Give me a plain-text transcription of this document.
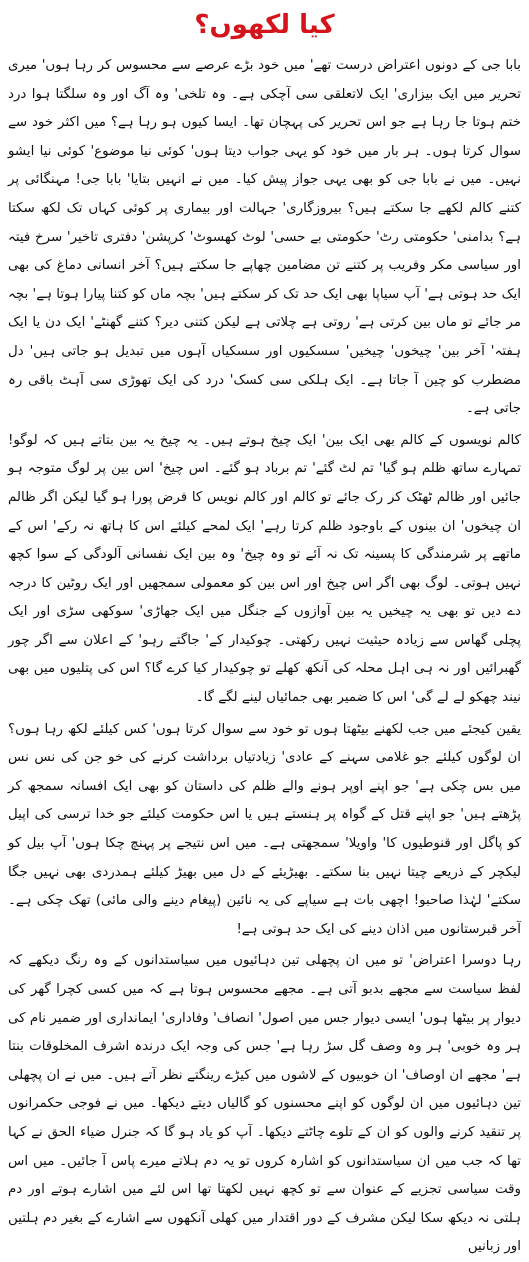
کیا لکھوں؟

بابا جی کے دونوں اعتراض درست تھے' میں خود بڑے عرصے سے محسوس کر رہا ہوں' میری تحریر میں ایک بیزاری' ایک لاتعلقی سی آچکی ہے۔ وہ تلخی' وہ آگ اور وہ سلگتا ہوا درد ختم ہوتا جا رہا ہے جو اس تحریر کی پہچان تھا۔ ایسا کیوں ہو رہا ہے؟ میں اکثر خود سے سوال کرتا ہوں۔ ہر بار میں خود کو یہی جواب دیتا ہوں' کوئی نیا موضوع' کوئی نیا ایشو نہیں۔ میں نے بابا جی کو بھی یہی جواز پیش کیا۔ میں نے انہیں بتایا' بابا جی! مہنگائی پر کتنے کالم لکھے جا سکتے ہیں؟ بیروزگاری' جہالت اور بیماری پر کوئی کہاں تک لکھ سکتا ہے؟ بدامنی' حکومتی رٹ' حکومتی بے حسی' لوٹ کھسوٹ' کرپشن' دفتری تاخیر' سرخ فیتہ اور سیاسی مکر وفریب پر کتنے تن مضامین چھاپے جا سکتے ہیں؟ آخر انسانی دماغ کی بھی ایک حد ہوتی ہے' آپ سیاپا بھی ایک حد تک کر سکتے ہیں' بچہ ماں کو کتنا پیارا ہوتا ہے' بچہ مر جائے تو ماں بین کرتی ہے' روتی ہے چلاتی ہے لیکن کتنی دیر؟ کتنے گھنٹے' ایک دن یا ایک ہفتہ' آخر بین' چیخوں' چیخیں' سسکیوں اور سسکیاں آہوں میں تبدیل ہو جاتی ہیں' دل مضطرب کو چین آ جاتا ہے۔ ایک ہلکی سی کسک' درد کی ایک تھوڑی سی آہٹ باقی رہ جاتی ہے۔

کالم نویسوں کے کالم بھی ایک بین' ایک چیخ ہوتے ہیں۔ یہ چیخ یہ بین بتاتے ہیں کہ لوگو! تمہارے ساتھ ظلم ہو گیا' تم لٹ گئے' تم برباد ہو گئے۔ اس چیخ' اس بین پر لوگ متوجہ ہو جائیں اور ظالم ٹھٹک کر رک جائے تو کالم اور کالم نویس کا فرض پورا ہو گیا لیکن اگر ظالم ان چیخوں' ان بینوں کے باوجود ظلم کرتا رہے' ایک لمحے کیلئے اس کا ہاتھ نہ رکے' اس کے ماتھے پر شرمندگی کا پسینہ تک نہ آئے تو وہ چیخ' وہ بین ایک نفسانی آلودگی کے سوا کچھ نہیں ہوتی۔ لوگ بھی اگر اس چیخ اور اس بین کو معمولی سمجھیں اور ایک روٹین کا درجہ دے دیں تو بھی یہ چیخیں یہ بین آوازوں کے جنگل میں ایک جھاڑی' سوکھی سڑی اور ایک پچلی گھاس سے زیادہ حیثیت نہیں رکھتی۔ چوکیدار کے' جاگتے رہو' کے اعلان سے اگر چور گھبرائیں اور نہ ہی اہل محلہ کی آنکھ کھلے تو چوکیدار کیا کرے گا؟ اس کی پتلیوں میں بھی نیند چھکو لے لے گی' اس کا ضمیر بھی جمائیاں لینے لگے گا۔

یقین کیجئے میں جب لکھنے بیٹھتا ہوں تو خود سے سوال کرتا ہوں' کس کیلئے لکھ رہا ہوں؟ ان لوگوں کیلئے جو غلامی سہنے کے عادی' زیادتیاں برداشت کرنے کی خو جن کی نس نس میں بس چکی ہے' جو اپنے اوپر ہونے والے ظلم کی داستان کو بھی ایک افسانہ سمجھ کر پڑھتے ہیں' جو اپنے قتل کے گواہ پر ہنستے ہیں یا اس حکومت کیلئے جو خدا ترسی کی اپیل کو پاگل اور قنوطیوں کا' واویلا' سمجھتی ہے۔ میں اس نتیجے پر پہنچ چکا ہوں' آپ بیل کو لیکچر کے ذریعے چیتا نہیں بنا سکتے۔ بھیڑیئے کے دل میں بھیڑ کیلئے ہمدردی بھی نہیں جگا سکتے' لہٰذا صاحبو! اچھی بات ہے سیاپے کی یہ نائین (پیغام دینے والی مائی) تھک چکی ہے۔ آخر قبرستانوں میں اذان دینے کی ایک حد ہوتی ہے!

رہا دوسرا اعتراض' تو میں ان پچھلی تین دہائیوں میں سیاستدانوں کے وہ رنگ دیکھے کہ لفظ سیاست سے مجھے بدبو آتی ہے۔ مجھے محسوس ہوتا ہے کہ میں کسی کچرا گھر کی دیوار پر بیٹھا ہوں' ایسی دیوار جس میں اصول' انصاف' وفاداری' ایمانداری اور ضمیر نام کی ہر وہ خوبی' ہر وہ وصف گل سڑ رہا ہے' جس کی وجہ ایک درندہ اشرف المخلوقات بنتا ہے' مجھے ان اوصاف' ان خوبیوں کے لاشوں میں کیڑے رینگتے نظر آتے ہیں۔ میں نے ان پچھلی تین دہائیوں میں ان لوگوں کو اپنے محسنوں کو گالیاں دیتے دیکھا۔ میں نے فوجی حکمرانوں پر تنقید کرنے والوں کو ان کے تلوے چاٹتے دیکھا۔ آپ کو یاد ہو گا کہ جنرل ضیاء الحق نے کہا تھا کہ جب میں ان سیاستدانوں کو اشارہ کروں تو یہ دم ہلاتے میرے پاس آ جائیں۔ میں اس وقت سیاسی تجزیے کے عنوان سے تو کچھ نہیں لکھتا تھا اس لئے میں اشارے ہوتے اور دم ہلتی نہ دیکھ سکا لیکن مشرف کے دور اقتدار میں کھلی آنکھوں سے اشارے کے بغیر دم ہلتیں اور زبانیں
